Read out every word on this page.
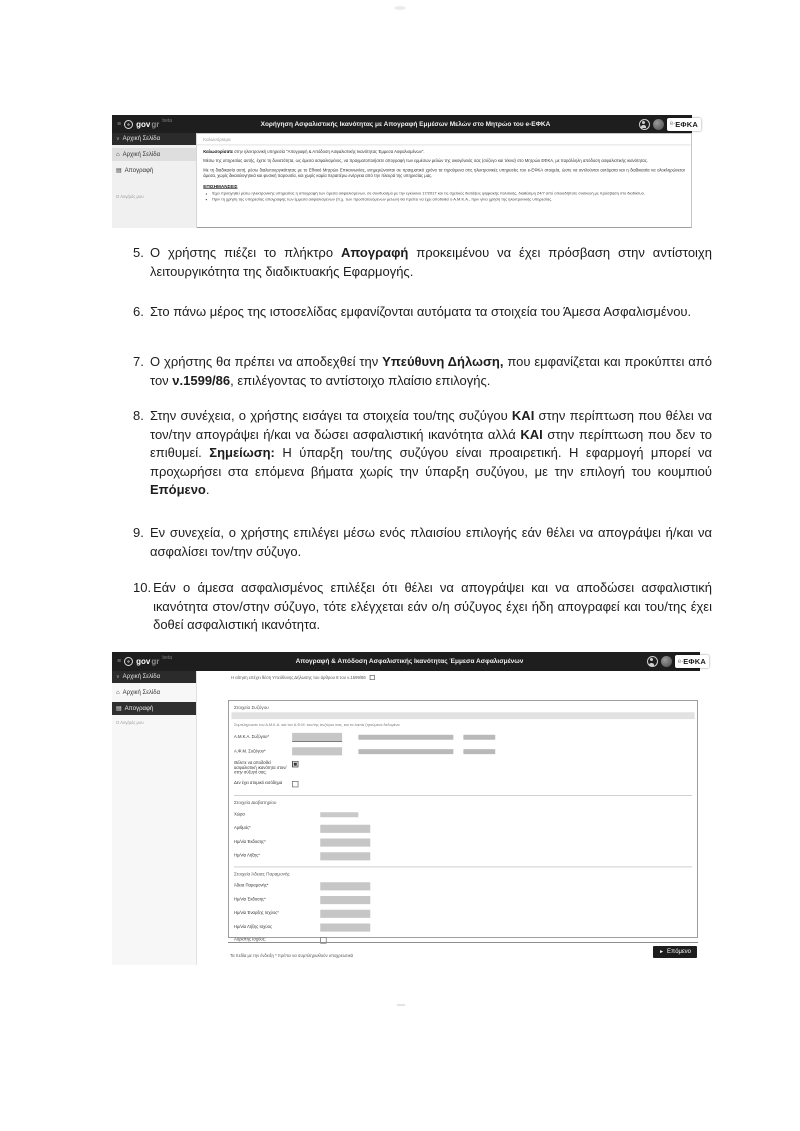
≡ gov gr beta	Χορήγηση Ασφαλιστικής Ικανότητας με Απογραφή Εμμέσων Μελών στο Μητρώο του e-ΕΦΚΑ	e- ΕΦΚΑ
∨ Αρχική Σελίδα
⌂ Αρχική Σελίδα
▤ Απογραφή
Ο Λογ/μός μου
Καλωσόρισμα

Καλωσορίσατε στην ηλεκτρονική υπηρεσία "Απογραφή & Απόδοση Ασφαλιστικής Ικανότητας Έμμεσα Ασφαλισμένων".

Μέσω της υπηρεσίας αυτής, έχετε τη δυνατότητα, ως άμεσα ασφαλισμένος, να πραγματοποιήσετε απογραφή των εμμέσων μελών της οικογένειάς σας (σύζυγο και τέκνα) στο Μητρώο ΕΦΚΑ, με παράλληλη απόδοση ασφαλιστικής ικανότητας.

Με τη διαδικασία αυτή, μέσω διαλειτουργικότητας με το Εθνικό Μητρώο Επικοινωνίας, ενημερώνονται σε πραγματικό χρόνο τα τηρούμενα στις ηλεκτρονικές υπηρεσίες του e-ΕΦΚΑ στοιχεία, ώστε να αντλούνται αυτόματα και η διαδικασία να ολοκληρώνεται άμεσα, χωρίς δικαιολογητικά και φυσική παρουσία, και χωρίς καμία περαιτέρω ενέργεια από την πλευρά της υπηρεσίας μας.

ΕΠΙΣΗΜΑΝΣΕΙΣ
• Έχει προηγηθεί μέσω ηλεκτρονικής υπηρεσίας η απογραφή των άμεσα ασφαλισμένων, σε συνδυασμό με την εγκύκλιο 17/2017 και τις σχετικές διατάξεις ψηφιακής πολιτικής, διαθέσιμη 24/7 από οποιαδήποτε συσκευή με πρόσβαση στο διαδίκτυο.
• Πριν τη χρήση της υπηρεσίας απογραφής των έμμεσα ασφαλισμένων (π.χ. των προστατευόμενων μελών) θα πρέπει να έχει αποδοθεί ο Α.Μ.Κ.Α., πριν γίνει χρήση της ηλεκτρονικής υπηρεσίας.
5. Ο χρήστης πιέζει το πλήκτρο Απογραφή προκειμένου να έχει πρόσβαση στην αντίστοιχη λειτουργικότητα της διαδικτυακής Εφαρμογής.
6. Στο πάνω μέρος της ιστοσελίδας εμφανίζονται αυτόματα τα στοιχεία του Άμεσα Ασφαλισμένου.
7. Ο χρήστης θα πρέπει να αποδεχθεί την Υπεύθυνη Δήλωση, που εμφανίζεται και προκύπτει από τον ν.1599/86, επιλέγοντας το αντίστοιχο πλαίσιο επιλογής.
8. Στην συνέχεια, ο χρήστης εισάγει τα στοιχεία του/της συζύγου ΚΑΙ στην περίπτωση που θέλει να τον/την απογράψει ή/και να δώσει ασφαλιστική ικανότητα αλλά ΚΑΙ στην περίπτωση που δεν το επιθυμεί. Σημείωση: Η ύπαρξη του/της συζύγου είναι προαιρετική. Η εφαρμογή μπορεί να προχωρήσει στα επόμενα βήματα χωρίς την ύπαρξη συζύγου, με την επιλογή του κουμπιού Επόμενο.
9. Εν συνεχεία, ο χρήστης επιλέγει μέσω ενός πλαισίου επιλογής εάν θέλει να απογράψει ή/και να ασφαλίσει τον/την σύζυγο.
10. Εάν ο άμεσα ασφαλισμένος επιλέξει ότι θέλει να απογράψει και να αποδώσει ασφαλιστική ικανότητα στον/στην σύζυγο, τότε ελέγχεται εάν ο/η σύζυγος έχει ήδη απογραφεί και του/της έχει δοθεί ασφαλιστική ικανότητα.
≡ gov gr beta	Απογραφή & Απόδοση Ασφαλιστικής Ικανότητας Έμμεσα Ασφαλισμένων	e- ΕΦΚΑ
∨ Αρχική Σελίδα
⌂ Αρχική Σελίδα
▤ Απογραφή
Ο Λογ/μός μου
Η αίτηση επέχει θέση Υπεύθυνης Δήλωσης του άρθρου 8 του ν.1599/86
Στοιχεία Συζύγου
Συμπληρώστε τον Α.Μ.Κ.Α. και τον Α.Φ.Μ. του/της συζύγου σας, και τα λοιπά ζητούμενα δεδομένα
Α.Μ.Κ.Α. Συζύγου*
Α.Φ.Μ. Συζύγου*
Θέλετε να αποδοθεί ασφαλιστική ικανότητα στον/στην σύζυγό σας;
Δεν έχει ατομικό εισόδημα
Στοιχεία Διαβατηρίου
Χώρα
Αριθμός*
Ημ/νία Έκδοσης*
Ημ/νία Λήξης*
Στοιχεία Άδειας Παραμονής
Άδεια Παραμονής*
Ημ/νία Έκδοσης*
Ημ/νία Έναρξης Ισχύος*
Ημ/νία Λήξης Ισχύος
Αόριστης Ισχύος:
Τα πεδία με την ένδειξη * πρέπει να συμπληρωθούν υποχρεωτικά
► Επόμενο
